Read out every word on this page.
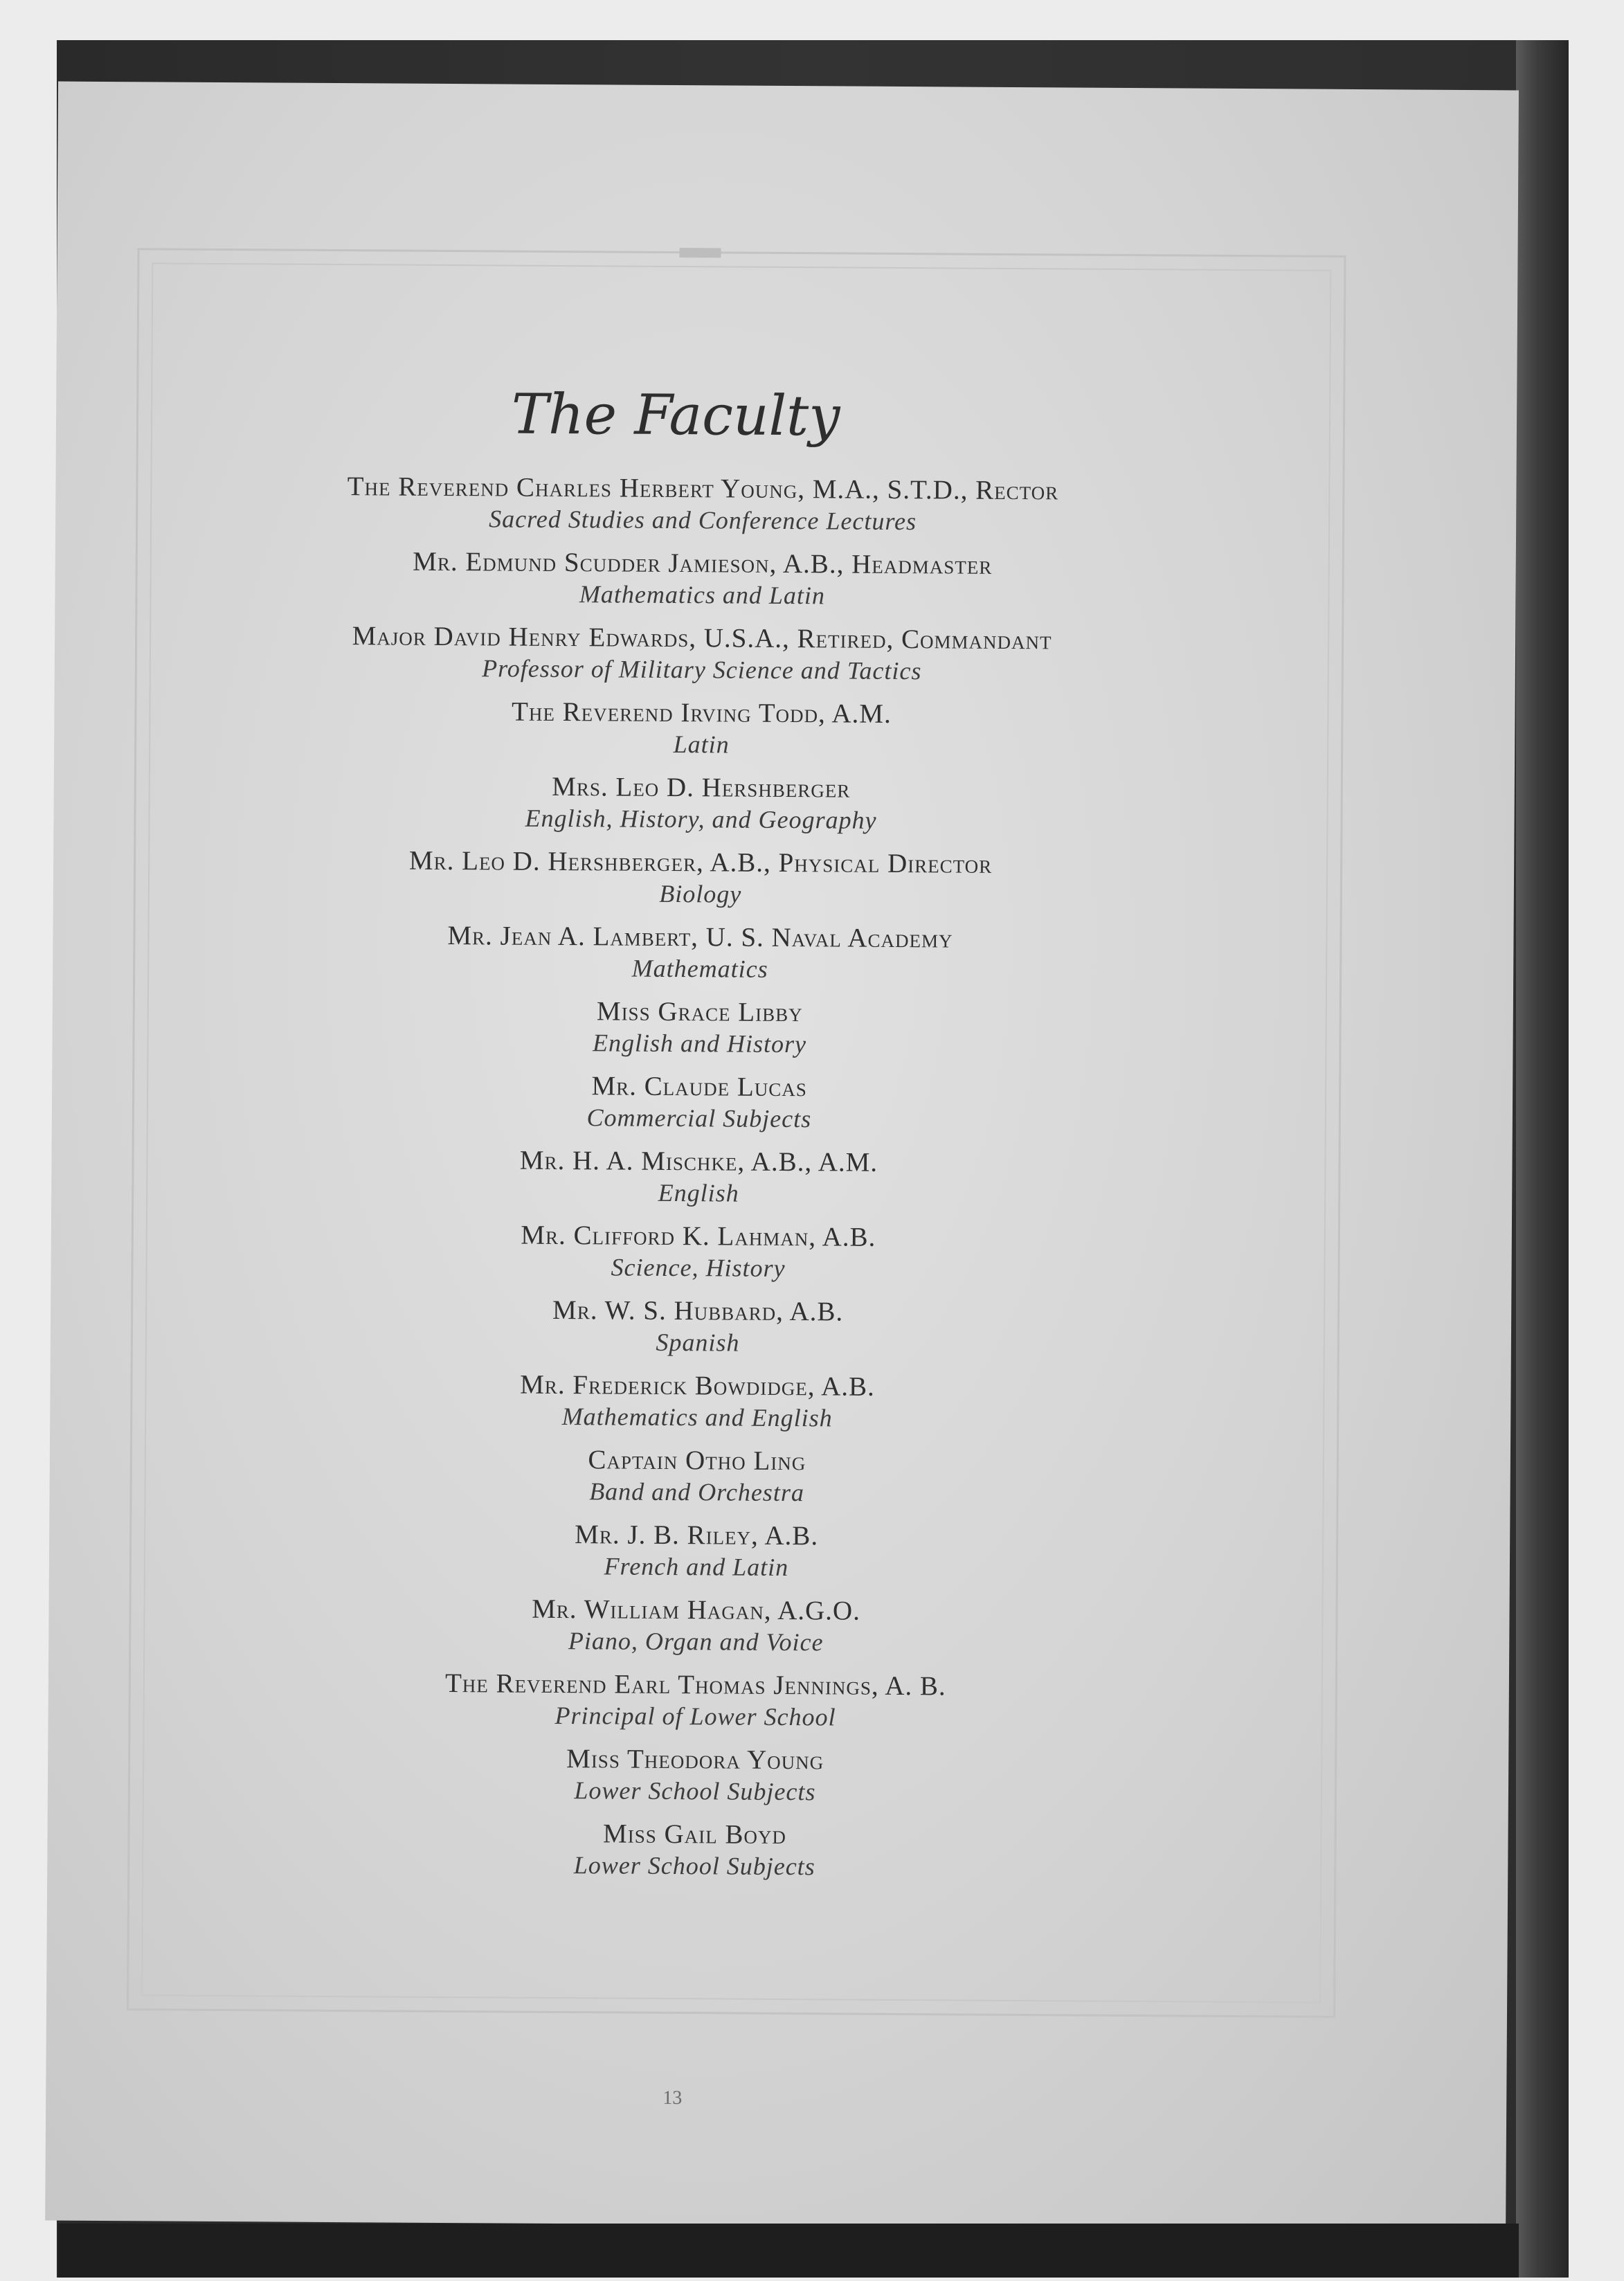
The Faculty
The Reverend Charles Herbert Young, M.A., S.T.D., Rector
Sacred Studies and Conference Lectures
Mr. Edmund Scudder Jamieson, A.B., Headmaster
Mathematics and Latin
Major David Henry Edwards, U.S.A., Retired, Commandant
Professor of Military Science and Tactics
The Reverend Irving Todd, A.M.
Latin
Mrs. Leo D. Hershberger
English, History, and Geography
Mr. Leo D. Hershberger, A.B., Physical Director
Biology
Mr. Jean A. Lambert, U. S. Naval Academy
Mathematics
Miss Grace Libby
English and History
Mr. Claude Lucas
Commercial Subjects
Mr. H. A. Mischke, A.B., A.M.
English
Mr. Clifford K. Lahman, A.B.
Science, History
Mr. W. S. Hubbard, A.B.
Spanish
Mr. Frederick Bowdidge, A.B.
Mathematics and English
Captain Otho Ling
Band and Orchestra
Mr. J. B. Riley, A.B.
French and Latin
Mr. William Hagan, A.G.O.
Piano, Organ and Voice
The Reverend Earl Thomas Jennings, A. B.
Principal of Lower School
Miss Theodora Young
Lower School Subjects
Miss Gail Boyd
Lower School Subjects
13
